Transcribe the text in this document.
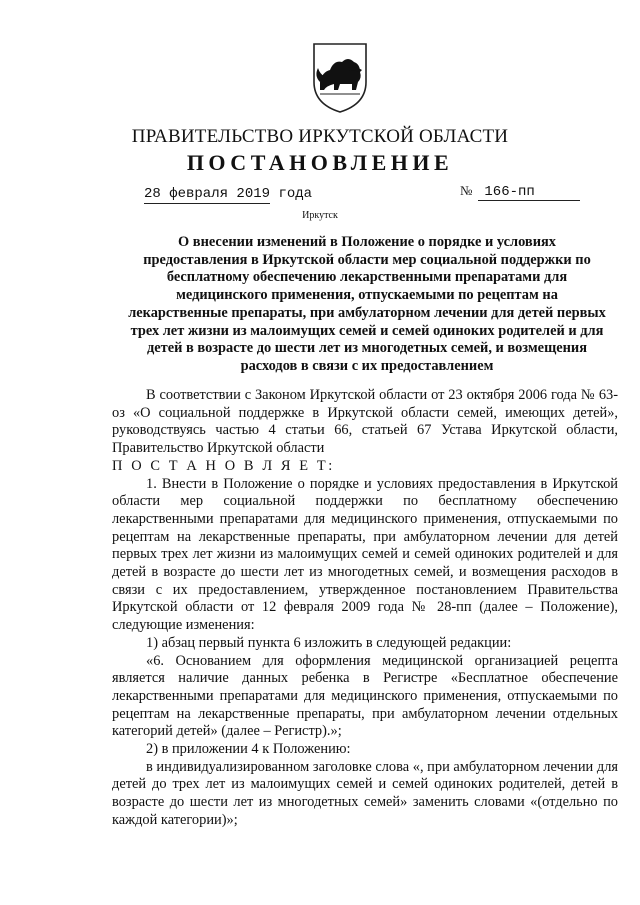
ПРАВИТЕЛЬСТВО ИРКУТСКОЙ ОБЛАСТИ
ПОСТАНОВЛЕНИЕ
28 февраля 2019 года	№ 166-пп
Иркутск
О внесении изменений в Положение о порядке и условиях предоставления в Иркутской области мер социальной поддержки по бесплатному обеспечению лекарственными препаратами для медицинского применения, отпускаемыми по рецептам на лекарственные препараты, при амбулаторном лечении для детей первых трех лет жизни из малоимущих семей и семей одиноких родителей и для детей в возрасте до шести лет из многодетных семей, и возмещения расходов в связи с их предоставлением

В соответствии с Законом Иркутской области от 23 октября 2006 года № 63-оз «О социальной поддержке в Иркутской области семей, имеющих детей», руководствуясь частью 4 статьи 66, статьей 67 Устава Иркутской области, Правительство Иркутской области

П О С Т А Н О В Л Я Е Т:

1. Внести в Положение о порядке и условиях предоставления в Иркутской области мер социальной поддержки по бесплатному обеспечению лекарственными препаратами для медицинского применения, отпускаемыми по рецептам на лекарственные препараты, при амбулаторном лечении для детей первых трех лет жизни из малоимущих семей и семей одиноких родителей и для детей в возрасте до шести лет из многодетных семей, и возмещения расходов в связи с их предоставлением, утвержденное постановлением Правительства Иркутской области от 12 февраля 2009 года № 28-пп (далее – Положение), следующие изменения:

1) абзац первый пункта 6 изложить в следующей редакции:

«6. Основанием для оформления медицинской организацией рецепта является наличие данных ребенка в Регистре «Бесплатное обеспечение лекарственными препаратами для медицинского применения, отпускаемыми по рецептам на лекарственные препараты, при амбулаторном лечении отдельных категорий детей» (далее – Регистр).»;

2) в приложении 4 к Положению:

в индивидуализированном заголовке слова «, при амбулаторном лечении для детей до трех лет из малоимущих семей и семей одиноких родителей, детей в возрасте до шести лет из многодетных семей» заменить словами «(отдельно по каждой категории)»;
